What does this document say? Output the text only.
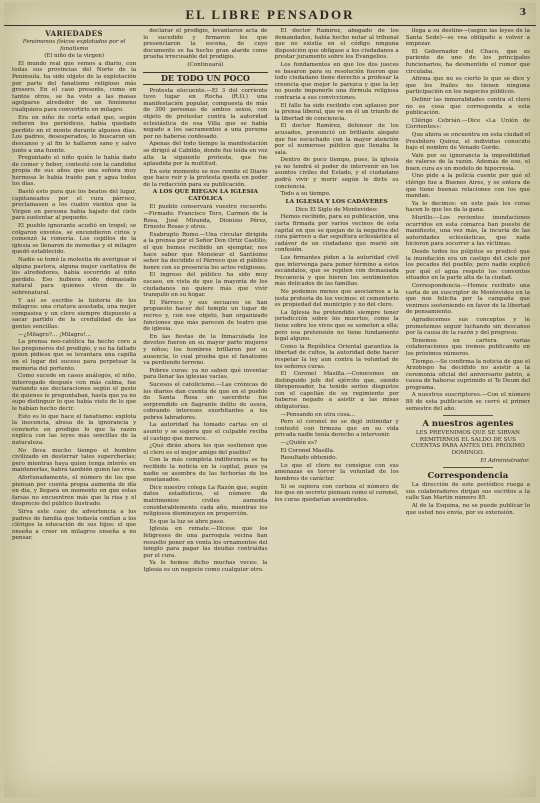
EL LIBRE PENSADOR	3
VARIEDADES
Fenómenos físicos explotados por el fanatismo
(El niño de la virgen)

El mundo real que vemos a diario, con todas sus provincias del Norte de la Península, ha sido objeto de la explotación por parte del fanatismo religioso más grosero. En el caso presente, como en tantos otros, se ha visto a las masas agolparse alrededor de un fenómeno cualquiera para convertirlo en milagro.

Era un niño de corta edad que, según refieren los periódicos, había quedado perdido en el monte durante algunos días. Los padres, desesperados, lo buscaron sin descanso y al fin lo hallaron sano y salvo junto a una fuente.

Preguntado el niño quién le había dado de comer y beber, contestó con la candidez propia de sus años que una señora muy hermosa le había traído pan y agua todos los días.

Bastó esto para que los beatos del lugar, capitaneados por el cura párroco, proclamasen a los cuatro vientos que la Virgen en persona había bajado del cielo para sustentar al pequeño.

El pueblo ignorante acudió en tropel; se colgaron exvotos, se encendieron cirios y comenzó la romería. Los cepillos de la iglesia se llenaron de monedas y el milagro quedó establecido.

Nadie se tomó la molestia de averiguar si alguna pastora, alguna mujer caritativa de los alrededores, había socorrido al niño perdido. Eso hubiera sido demasiado natural para quienes viven de lo sobrenatural.

Y así se escribe la historia de los milagros: una criatura asustada, una mujer compasiva y un clero siempre dispuesto a sacar partido de la credulidad de las gentes sencillas.

—¿Milagro?... ¡Milagro!...

La prensa neo-católica ha hecho coro a los pregoneros del prodigio, y no ha faltado quien pidiese que se levantara una capilla en el lugar del suceso para perpetuar la memoria del portento.

Como sucede en casos análogos, el niño, interrogado después con más calma, fue variando sus declaraciones según el gusto de quienes le preguntaban, hasta que ya no supo distinguir lo que había visto de lo que le habían hecho decir.

Esto es lo que hace el fanatismo: explota la inocencia, abusa de la ignorancia y convierte en prodigio lo que la razón explica con las leyes más sencillas de la naturaleza.

No lleva mucho tiempo el hombre civilizado en desterrar tales supercherías; pero mientras haya quien tenga interés en mantenerlas, habrá también quien las crea.

Afortunadamente, el número de los que piensan por cuenta propia aumenta de día en día, y llegará un momento en que estas farsas no encuentren más que la risa y el desprecio del público ilustrado.

Sirva este caso de advertencia a los padres de familia que todavía confían a los clérigos la educación de sus hijos: el que enseña a creer en milagros enseña a no pensar.

declarar el prodigio, levantaron acta de lo sucedido y firmaron los que presenciaron la escena, de cuyo documento se ha hecho gran alarde como prueba irrecusable del prodigio.

(Continuará)
DE TODO UN POCO

Protesta elocuente.—El 3 del corriente tuvo lugar en Rocha (R.O.) una manifestación popular, compuesta de más de 300 personas de ambos sexos, con objeto de protestar contra la autoridad eclesiástica de esa Villa que se había negado a los sacramentos a una persona por no haberse confesado.

Apenas del todo tiempo la manifestación se dirigió al Cabildo, donde fue leída en voz alta la siguiente protesta, que fue aplaudida por la multitud.

En este momento se nos remite el Diario que hace reír y la protesta queda en poder de la redacción para su publicación.

A LOS QUE RIEGAN LA IGLESIA CATÓLICA

El pueblo conservará vuestro recuerdo. —Firmado: Francisco Toro, Carmen de la Rosa, José Miranda, Dionisio Pérez, Ernesto Rosas y otros.

Exabrupto Romo.—Una circular dirigida a la prensa por el Señor Don Ortiz Castillo, el que hemos recibido un ejemplar, nos hace saber que Monsieur el Santísimo señor ha decidido el Párroco que el público honre con su presencia los actos religiosos.

El ingreso del público ha sido muy escaso, en vista de que la mayoría de los ciudadanos no quiere más que vivir tranquilo en su hogar.

El Párroco y sus secuaces se han propuesto hacer del templo un lugar de recreo y, con ese objeto, han organizado funciones que más parecen de teatro que de iglesia.

En las fiestas de la Inmaculada los devotos fueron en su mayor parte mujeres y niños; los hombres brillaron por su ausencia, lo cual prueba que el fanatismo va perdiendo terreno.

Pobres curas: ya no saben qué inventar para llenar las iglesias vacías.

Sucesos el catolicismo.—Las crónicas de los diarios dan cuenta de que en el pueblo de Santa Rosa un sacerdote fue sorprendido en flagrante delito de usura, cobrando intereses exorbitantes a los pobres labradores.

La autoridad ha tomado cartas en el asunto y se espera que el culpable reciba el castigo que merece.

¿Qué dirán ahora los que sostienen que el clero es el mejor amigo del pueblo?

Con la más completa indiferencia se ha recibido la noticia en la capital, pues ya nadie se asombra de las fechorías de los ensotanados.

Dice nuestro colega La Razón que, según datos estadísticos, el número de matrimonios civiles aumenta considerablemente cada año, mientras los religiosos disminuyen en proporción.

Es que la luz se abre paso.

Iglesia en remate.—Dícese que los feligreses de una parroquia vecina han resuelto poner en venta los ornamentos del templo para pagar las deudas contraídas por el cura.

Ya lo hemos dicho muchas veces: la Iglesia es un negocio como cualquier otro.

El doctor Ramírez, abogado de los demandados, había hecho notar al tribunal que no existía en el código ninguna disposición que obligase a los ciudadanos a prestar juramento sobre los Evangelios.

Los fundamentos en que los dos jueces se basaron para su resolución fueron que todo ciudadano tiene derecho a profesar la creencia que mejor le parezca y que la ley no puede imponerle una fórmula religiosa contraria a sus convicciones.

El fallo ha sido recibido con aplauso por la prensa liberal, que ve en él un triunfo de la libertad de conciencia.

El doctor Ramírez, defensor de los acusados, pronunció un brillante alegato que fue escuchado con la mayor atención por el numeroso público que llenaba la sala.

Dentro de poco tiempo, pues, la iglesia ya no tendrá el poder de intervenir en los asuntos civiles del Estado, y el ciudadano podrá vivir y morir según le dicte su conciencia.

Todo a su tiempo.

LA IGLESIA Y LOS CADÁVERES
Dice El Siglo de Montevideo:

Hemos recibido, para su publicación, una carta firmada por varios vecinos de esta capital en que se quejan de la negativa del cura párroco a dar sepultura eclesiástica al cadáver de un ciudadano que murió sin confesión.

Los firmantes piden a la autoridad civil que intervenga para poner término a estos escándalos, que se repiten con demasiada frecuencia y que hieren los sentimientos más delicados de las familias.

No podemos menos que asociarnos a la justa protesta de los vecinos: el cementerio es propiedad del municipio y no del clero.

La Iglesia ha pretendido siempre tener jurisdicción sobre los muertos, como la tiene sobre los vivos que se someten a ella; pero esa pretensión no tiene fundamento legal alguno.

Como la República Oriental garantiza la libertad de cultos, la autoridad debe hacer respetar la ley aun contra la voluntad de los señores curas.

El Coronel Masilla.—Conocemos un distinguido jefe del ejército que, siendo librepensador, ha tenido serios disgustos con el capellán de su regimiento por haberse negado a asistir a las misas obligatorias.

—Pensando en otra cosa...

Pero el coronel no se dejó intimidar y contestó con firmeza que en su vida privada nadie tenía derecho a intervenir.

—¿Quién es?

El Coronel Masilla.

Resultado obtenido.

Lo que el clero no consigue con sus amenazas es torcer la voluntad de los hombres de carácter.

Si se supiera con certeza el número de los que en secreto piensan como el coronel, los curas quedarían asombrados.

llega a su destino—(según las leyes de la Santa Sede)—se vea obligado a volver a empezar.

El Gobernador del Chaco, que es pariente de uno de los principales funcionarios, ha desmentido el rumor que circulaba.

Afirma que no es cierto lo que se dice y que los frailes no tienen ninguna participación en los negocios públicos.

Definir las inmoralidades contra el clero no es cosa que corresponda a esta publicación.

Clérigo Cebrián.—Dice «La Unión de Corrientes»:

Que ahora se encuentra en esta ciudad el Presbítero Quiroz, el individuo conocido bajo el nombre de Venado Gordo.

Vale por su ignorancia la imposibilidad de valerse de la razón. Además de eso, el buen cura es un modelo de hipocresía.

Uno pide a la policía cuente por qué el clérigo fue a Buenos Aires, y se entera de que tiene buenas relaciones con los que mandan.

Ya lo decimos: en este país los curas hacen lo que les da la gana.

Murillo.—Los recientes inundaciones ocurridos en esta comarca han puesto de manifiesto, una vez más, la incuria de las autoridades eclesiásticas, que nada hicieron para socorrer a las víctimas.

Desde todos los púlpitos se predicó que la inundación era un castigo del cielo por los pecados del pueblo; pero nadie explicó por qué el agua respetó los conventos situados en la parte alta de la ciudad.

Correspondencia.—Hemos recibido una carta de un suscriptor de Montevideo en la que nos felicita por la campaña que venimos sosteniendo en favor de la libertad de pensamiento.

Agradecemos sus conceptos y le prometemos seguir luchando sin descanso por la causa de la razón y del progreso.

Tenemos en cartera varias colaboraciones que iremos publicando en los próximos números.

Tiempo.—Se confirma la noticia de que el Arzobispo ha decidido no asistir a la ceremonia oficial del aniversario patrio, a causa de haberse suprimido el Te Deum del programa.

A nuestros suscriptores.—Con el número 89 de esta publicación se cerró el primer semestre del año.

A nuestros agentes
LES PREVENIMOS QUE SE SIRVAN REMITIRNOS EL SALDO DE SUS CUENTAS PARA ANTES DEL PRÓXIMO DOMINGO.
El Administrador.
Correspondencia

La dirección de este periódico ruega a sus colaboradores dirijan sus escritos a la calle San Martín número 85.

Al de la Esquina, no se puede publicar lo que usted nos envía, por su extensión.
